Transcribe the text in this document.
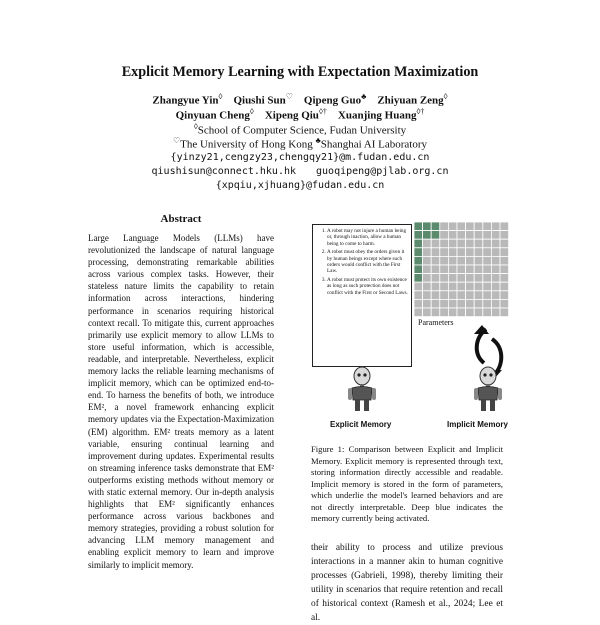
Explicit Memory Learning with Expectation Maximization
Zhangyue Yin◊ Qiushi Sun♡ Qipeng Guo♣ Zhiyuan Zeng◊
Qinyuan Cheng◊ Xipeng Qiu◊† Xuanjing Huang◊†
◊School of Computer Science, Fudan University
♡The University of Hong Kong ♣Shanghai AI Laboratory
{yinzy21,cengzy23,chengqy21}@m.fudan.edu.cn
qiushisun@connect.hku.hk guoqipeng@pjlab.org.cn
{xpqiu,xjhuang}@fudan.edu.cn
Abstract
Large Language Models (LLMs) have revolutionized the landscape of natural language processing, demonstrating remarkable abilities across various complex tasks. However, their stateless nature limits the capability to retain information across interactions, hindering performance in scenarios requiring historical context recall. To mitigate this, current approaches primarily use explicit memory to allow LLMs to store useful information, which is accessible, readable, and interpretable. Nevertheless, explicit memory lacks the reliable learning mechanisms of implicit memory, which can be optimized end-to-end. To harness the benefits of both, we introduce EM², a novel framework enhancing explicit memory updates via the Expectation-Maximization (EM) algorithm. EM² treats memory as a latent variable, ensuring continual learning and improvement during updates. Experimental results on streaming inference tasks demonstrate that EM² outperforms existing methods without memory or with static external memory. Our in-depth analysis highlights that EM² significantly enhances performance across various backbones and memory strategies, providing a robust solution for advancing LLM memory management and enabling explicit memory to learn and improve similarly to implicit memory.
1. A robot may not injure a human being or, through inaction, allow a human being to come to harm.
2. A robot must obey the orders given it by human beings except where such orders would conflict with the First Law.
3. A robot must protect its own existence as long as such protection does not conflict with the First or Second Laws.
Parameters
Explicit Memory	Implicit Memory
Figure 1: Comparison between Explicit and Implicit Memory. Explicit memory is represented through text, storing information directly accessible and readable. Implicit memory is stored in the form of parameters, which underlie the model's learned behaviors and are not directly interpretable. Deep blue indicates the memory currently being activated.
their ability to process and utilize previous interactions in a manner akin to human cognitive processes (Gabrieli, 1998), thereby limiting their utility in scenarios that require retention and recall of historical context (Ramesh et al., 2024; Lee et al.
